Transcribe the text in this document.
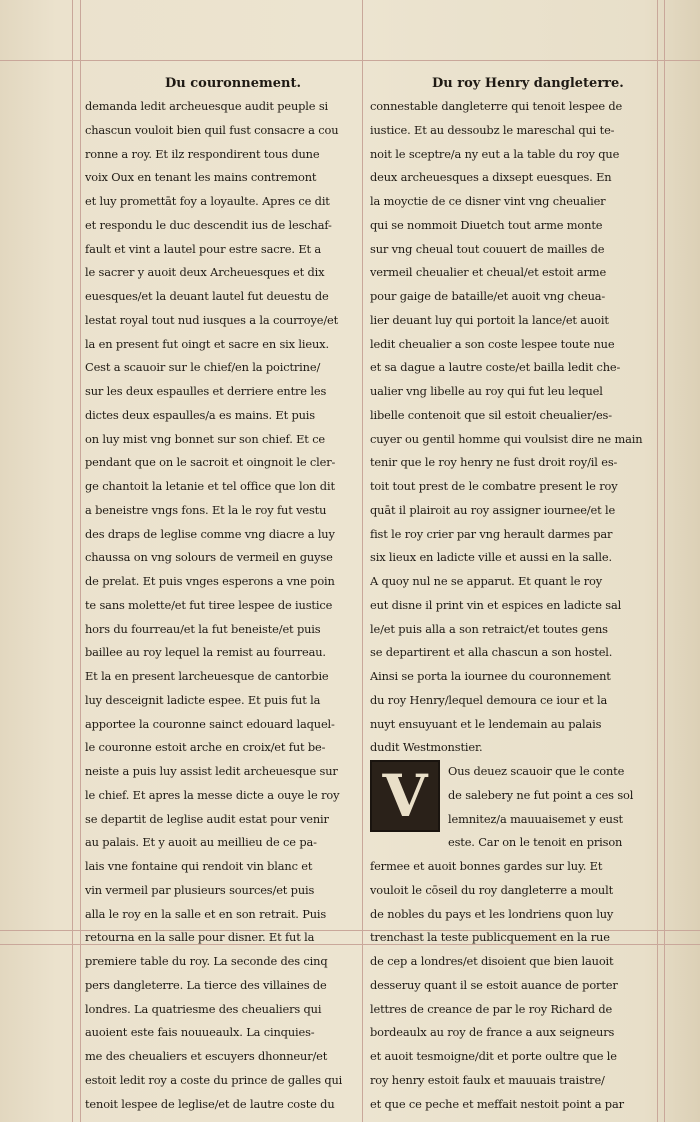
Du couronnement.	Du roy Henry dangleterre.
demanda ledit archeuesque audit peuple si
chascun vouloit bien quil fust consacre a cou
ronne a roy. Et ilz respondirent tous dune
voix Oux en tenant les mains contremont
et luy promettāt foy a loyaulte. Apres ce dit
et respondu le duc descendit ius de leschaf-
fault et vint a lautel pour estre sacre. Et a
le sacrer y auoit deux Archeuesques et dix
euesques/et la deuant lautel fut deuestu de
lestat royal tout nud iusques a la courroye/et
la en present fut oingt et sacre en six lieux.
Cest a scauoir sur le chief/en la poictrine/
sur les deux espaulles et derriere entre les
dictes deux espaulles/a es mains. Et puis
on luy mist vng bonnet sur son chief. Et ce
pendant que on le sacroit et oingnoit le cler-
ge chantoit la letanie et tel office que lon dit
a beneistre vngs fons. Et la le roy fut vestu
des draps de leglise comme vng diacre a luy
chaussa on vng solours de vermeil en guyse
de prelat. Et puis vnges esperons a vne poin
te sans molette/et fut tiree lespee de iustice
hors du fourreau/et la fut beneiste/et puis
baillee au roy lequel la remist au fourreau.
Et la en present larcheuesque de cantorbie
luy desceignit ladicte espee. Et puis fut la
apportee la couronne sainct edouard laquel-
le couronne estoit arche en croix/et fut be-
neiste a puis luy assist ledit archeuesque sur
le chief. Et apres la messe dicte a ouye le roy
se departit de leglise audit estat pour venir
au palais. Et y auoit au meillieu de ce pa-
lais vne fontaine qui rendoit vin blanc et
vin vermeil par plusieurs sources/et puis
alla le roy en la salle et en son retrait. Puis
retourna en la salle pour disner. Et fut la
premiere table du roy. La seconde des cinq
pers dangleterre. La tierce des villaines de
londres. La quatriesme des cheualiers qui
auoient este fais nouueaulx. La cinquies-
me des cheualiers et escuyers dhonneur/et
estoit ledit roy a coste du prince de galles qui
tenoit lespee de leglise/et de lautre coste du
connestable dangleterre qui tenoit lespee de
iustice. Et au dessoubz le mareschal qui te-
noit le sceptre/a ny eut a la table du roy que
deux archeuesques a dixsept euesques. En
la moyctie de ce disner vint vng cheualier
qui se nommoit Diuetch tout arme monte
sur vng cheual tout couuert de mailles de
vermeil cheualier et cheual/et estoit arme
pour gaige de bataille/et auoit vng cheua-
lier deuant luy qui portoit la lance/et auoit
ledit cheualier a son coste lespee toute nue
et sa dague a lautre coste/et bailla ledit che-
ualier vng libelle au roy qui fut leu lequel
libelle contenoit que sil estoit cheualier/es-
cuyer ou gentil homme qui voulsist dire ne main
tenir que le roy henry ne fust droit roy/il es-
toit tout prest de le combatre present le roy
quāt il plairoit au roy assigner iournee/et le
fist le roy crier par vng herault darmes par
six lieux en ladicte ville et aussi en la salle.
A quoy nul ne se apparut. Et quant le roy
eut disne il print vin et espices en ladicte sal
le/et puis alla a son retraict/et toutes gens
se departirent et alla chascun a son hostel.
Ainsi se porta la iournee du couronnement
du roy Henry/lequel demoura ce iour et la
nuyt ensuyuant et le lendemain au palais
dudit Westmonstier.
V	Ous deuez scauoir que le conte
de salebery ne fut point a ces sol
lemnitez/a mauuaisemet y eust
este. Car on le tenoit en prison
fermee et auoit bonnes gardes sur luy. Et
vouloit le cōseil du roy dangleterre a moult
de nobles du pays et les londriens quon luy
trenchast la teste publicquement en la rue
de cep a londres/et disoient que bien lauoit
desseruy quant il se estoit auance de porter
lettres de creance de par le roy Richard de
bordeaulx au roy de france a aux seigneurs
et auoit tesmoigne/dit et porte oultre que le
roy henry estoit faulx et mauuais traistre/
et que ce peche et meffait nestoit point a par
